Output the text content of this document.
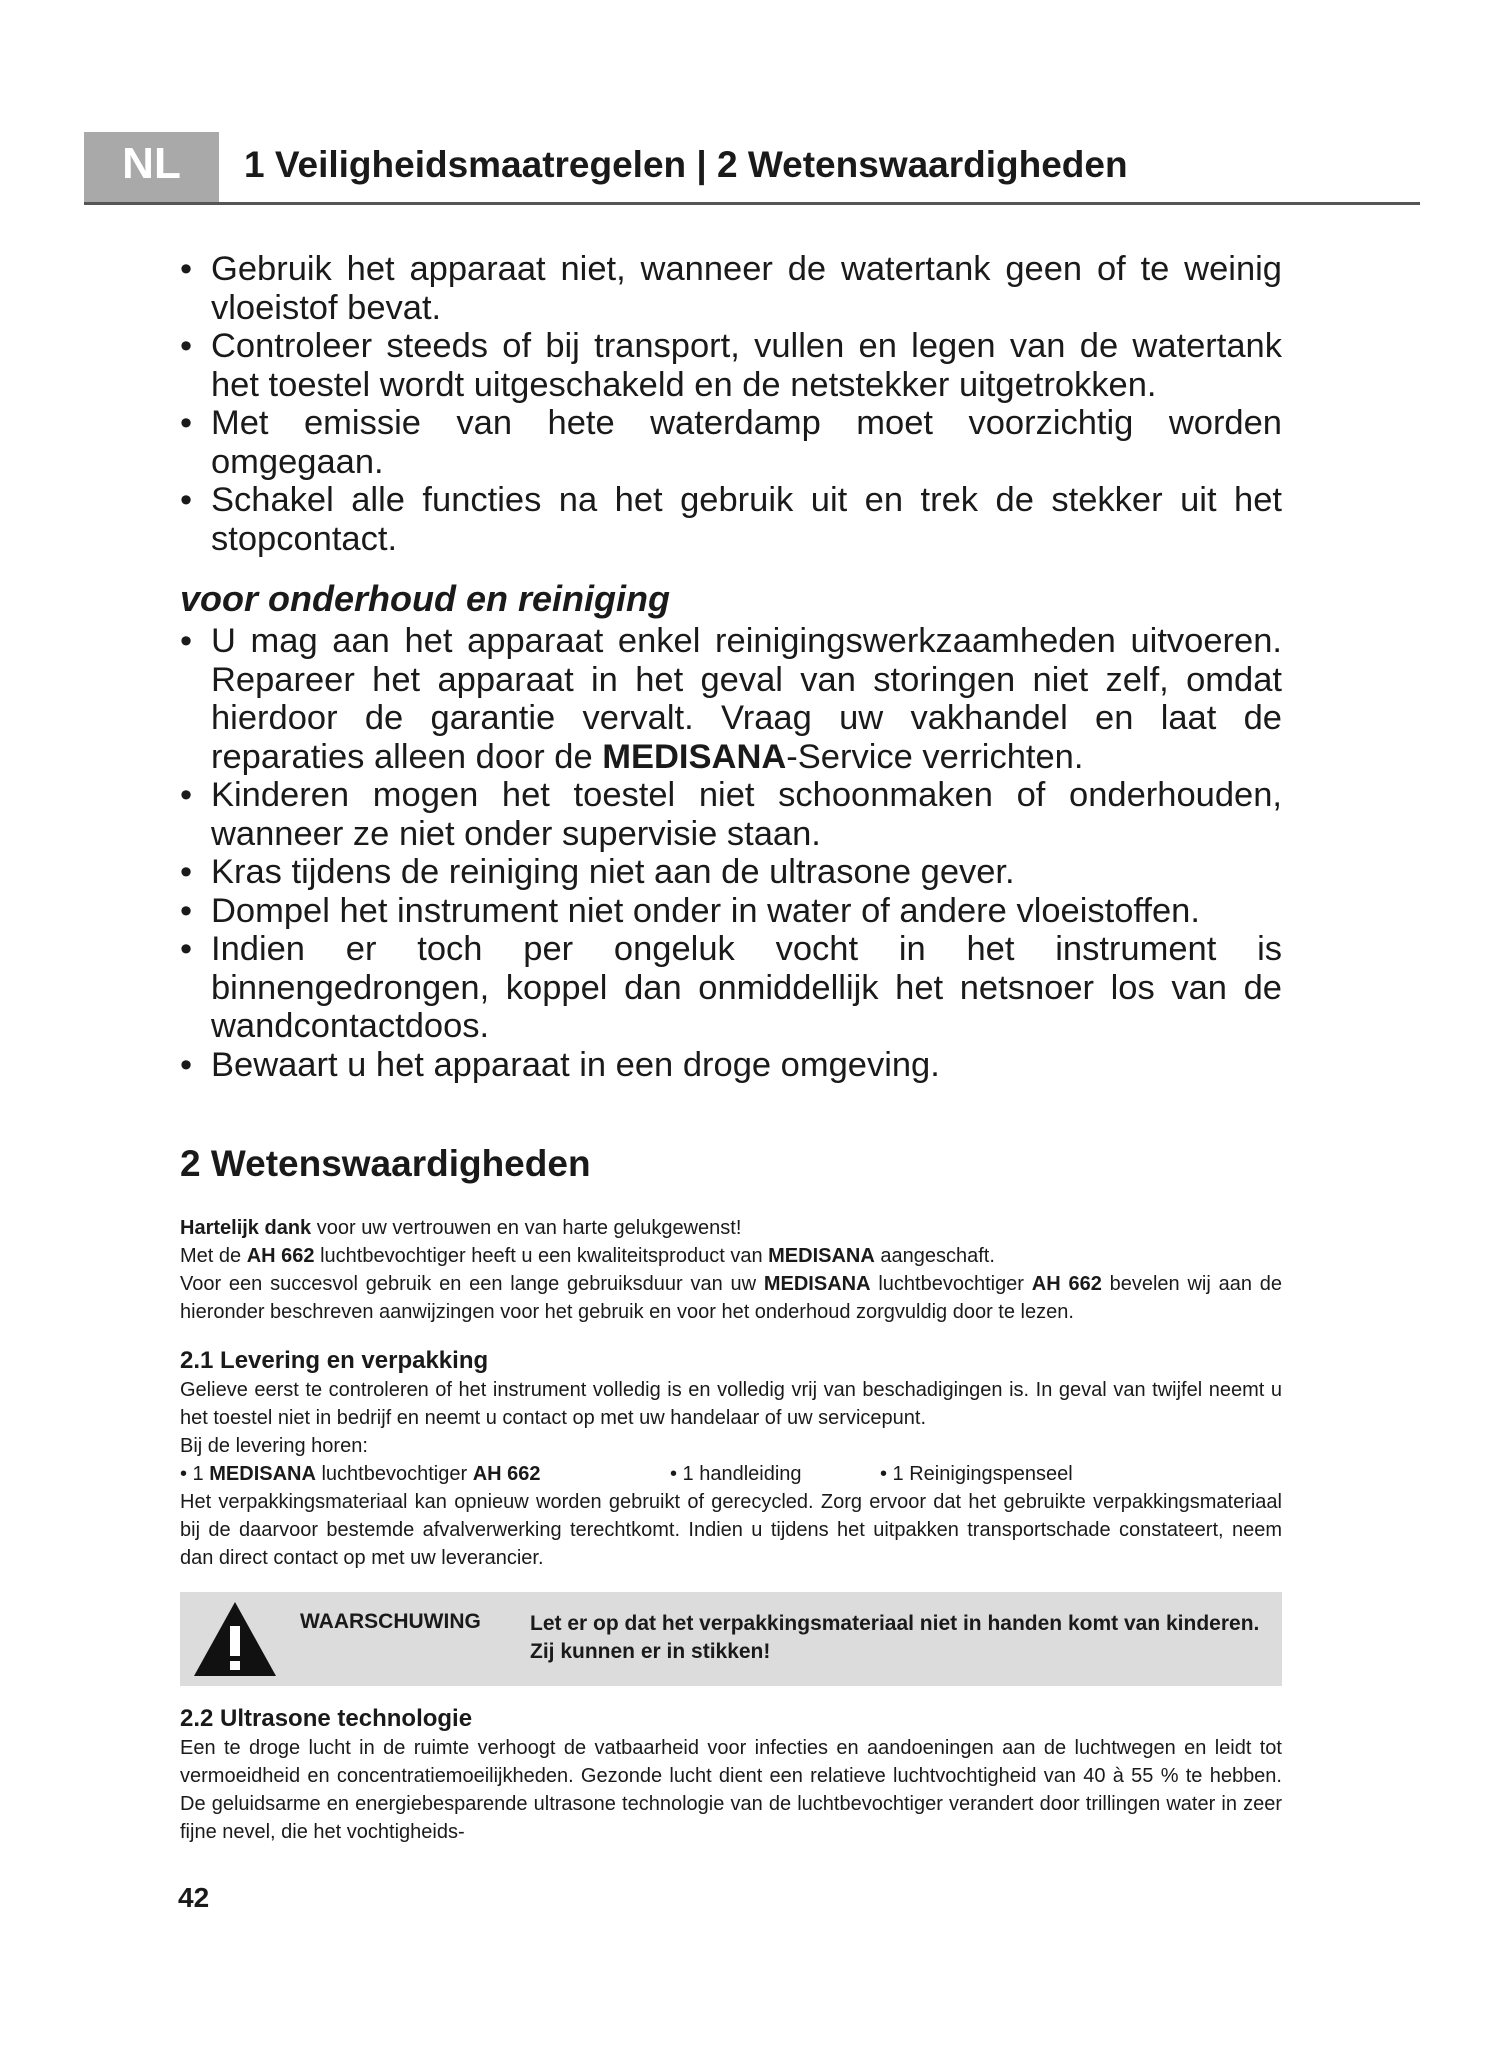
NL	1 Veiligheidsmaatregelen | 2 Wetenswaardigheden
• Gebruik het apparaat niet, wanneer de watertank geen of te weinig vloeistof bevat.
• Controleer steeds of bij transport, vullen en legen van de watertank het toestel wordt uitgeschakeld en de netstekker uitgetrokken.
• Met emissie van hete waterdamp moet voorzichtig worden omgegaan.
• Schakel alle functies na het gebruik uit en trek de stekker uit het stopcontact.
voor onderhoud en reiniging
• U mag aan het apparaat enkel reinigingswerkzaamheden uitvoeren. Repareer het apparaat in het geval van storingen niet zelf, omdat hierdoor de garantie vervalt. Vraag uw vakhandel en laat de reparaties alleen door de MEDISANA-Service verrichten.
• Kinderen mogen het toestel niet schoonmaken of onderhouden, wanneer ze niet onder supervisie staan.
• Kras tijdens de reiniging niet aan de ultrasone gever.
• Dompel het instrument niet onder in water of andere vloeistoffen.
• Indien er toch per ongeluk vocht in het instrument is binnengedrongen, koppel dan onmiddellijk het netsnoer los van de wandcontactdoos.
• Bewaart u het apparaat in een droge omgeving.
2 Wetenswaardigheden

Hartelijk dank voor uw vertrouwen en van harte gelukgewenst!

Met de AH 662 luchtbevochtiger heeft u een kwaliteitsproduct van MEDISANA aangeschaft.

Voor een succesvol gebruik en een lange gebruiksduur van uw MEDISANA luchtbevochtiger AH 662 bevelen wij aan de hieronder beschreven aanwijzingen voor het gebruik en voor het onderhoud zorgvuldig door te lezen.

2.1 Levering en verpakking

Gelieve eerst te controleren of het instrument volledig is en volledig vrij van beschadigingen is. In geval van twijfel neemt u het toestel niet in bedrijf en neemt u contact op met uw handelaar of uw servicepunt.

Bij de levering horen:

• 1 MEDISANA luchtbevochtiger AH 662	• 1 handleiding	• 1 Reinigingspenseel

Het verpakkingsmateriaal kan opnieuw worden gebruikt of gerecycled. Zorg ervoor dat het gebruikte verpakkingsmateriaal bij de daarvoor bestemde afvalverwerking terechtkomt. Indien u tijdens het uitpakken transportschade constateert, neem dan direct contact op met uw leverancier.

WAARSCHUWING Let er op dat het verpakkingsmateriaal niet in handen komt van kinderen. Zij kunnen er in stikken!
2.2 Ultrasone technologie

Een te droge lucht in de ruimte verhoogt de vatbaarheid voor infecties en aandoeningen aan de luchtwegen en leidt tot vermoeidheid en concentratiemoeilijkheden. Gezonde lucht dient een relatieve luchtvochtigheid van 40 à 55 % te hebben. De geluidsarme en energiebesparende ultrasone technologie van de luchtbevochtiger verandert door trillingen water in zeer fijne nevel, die het vochtigheids-

42
